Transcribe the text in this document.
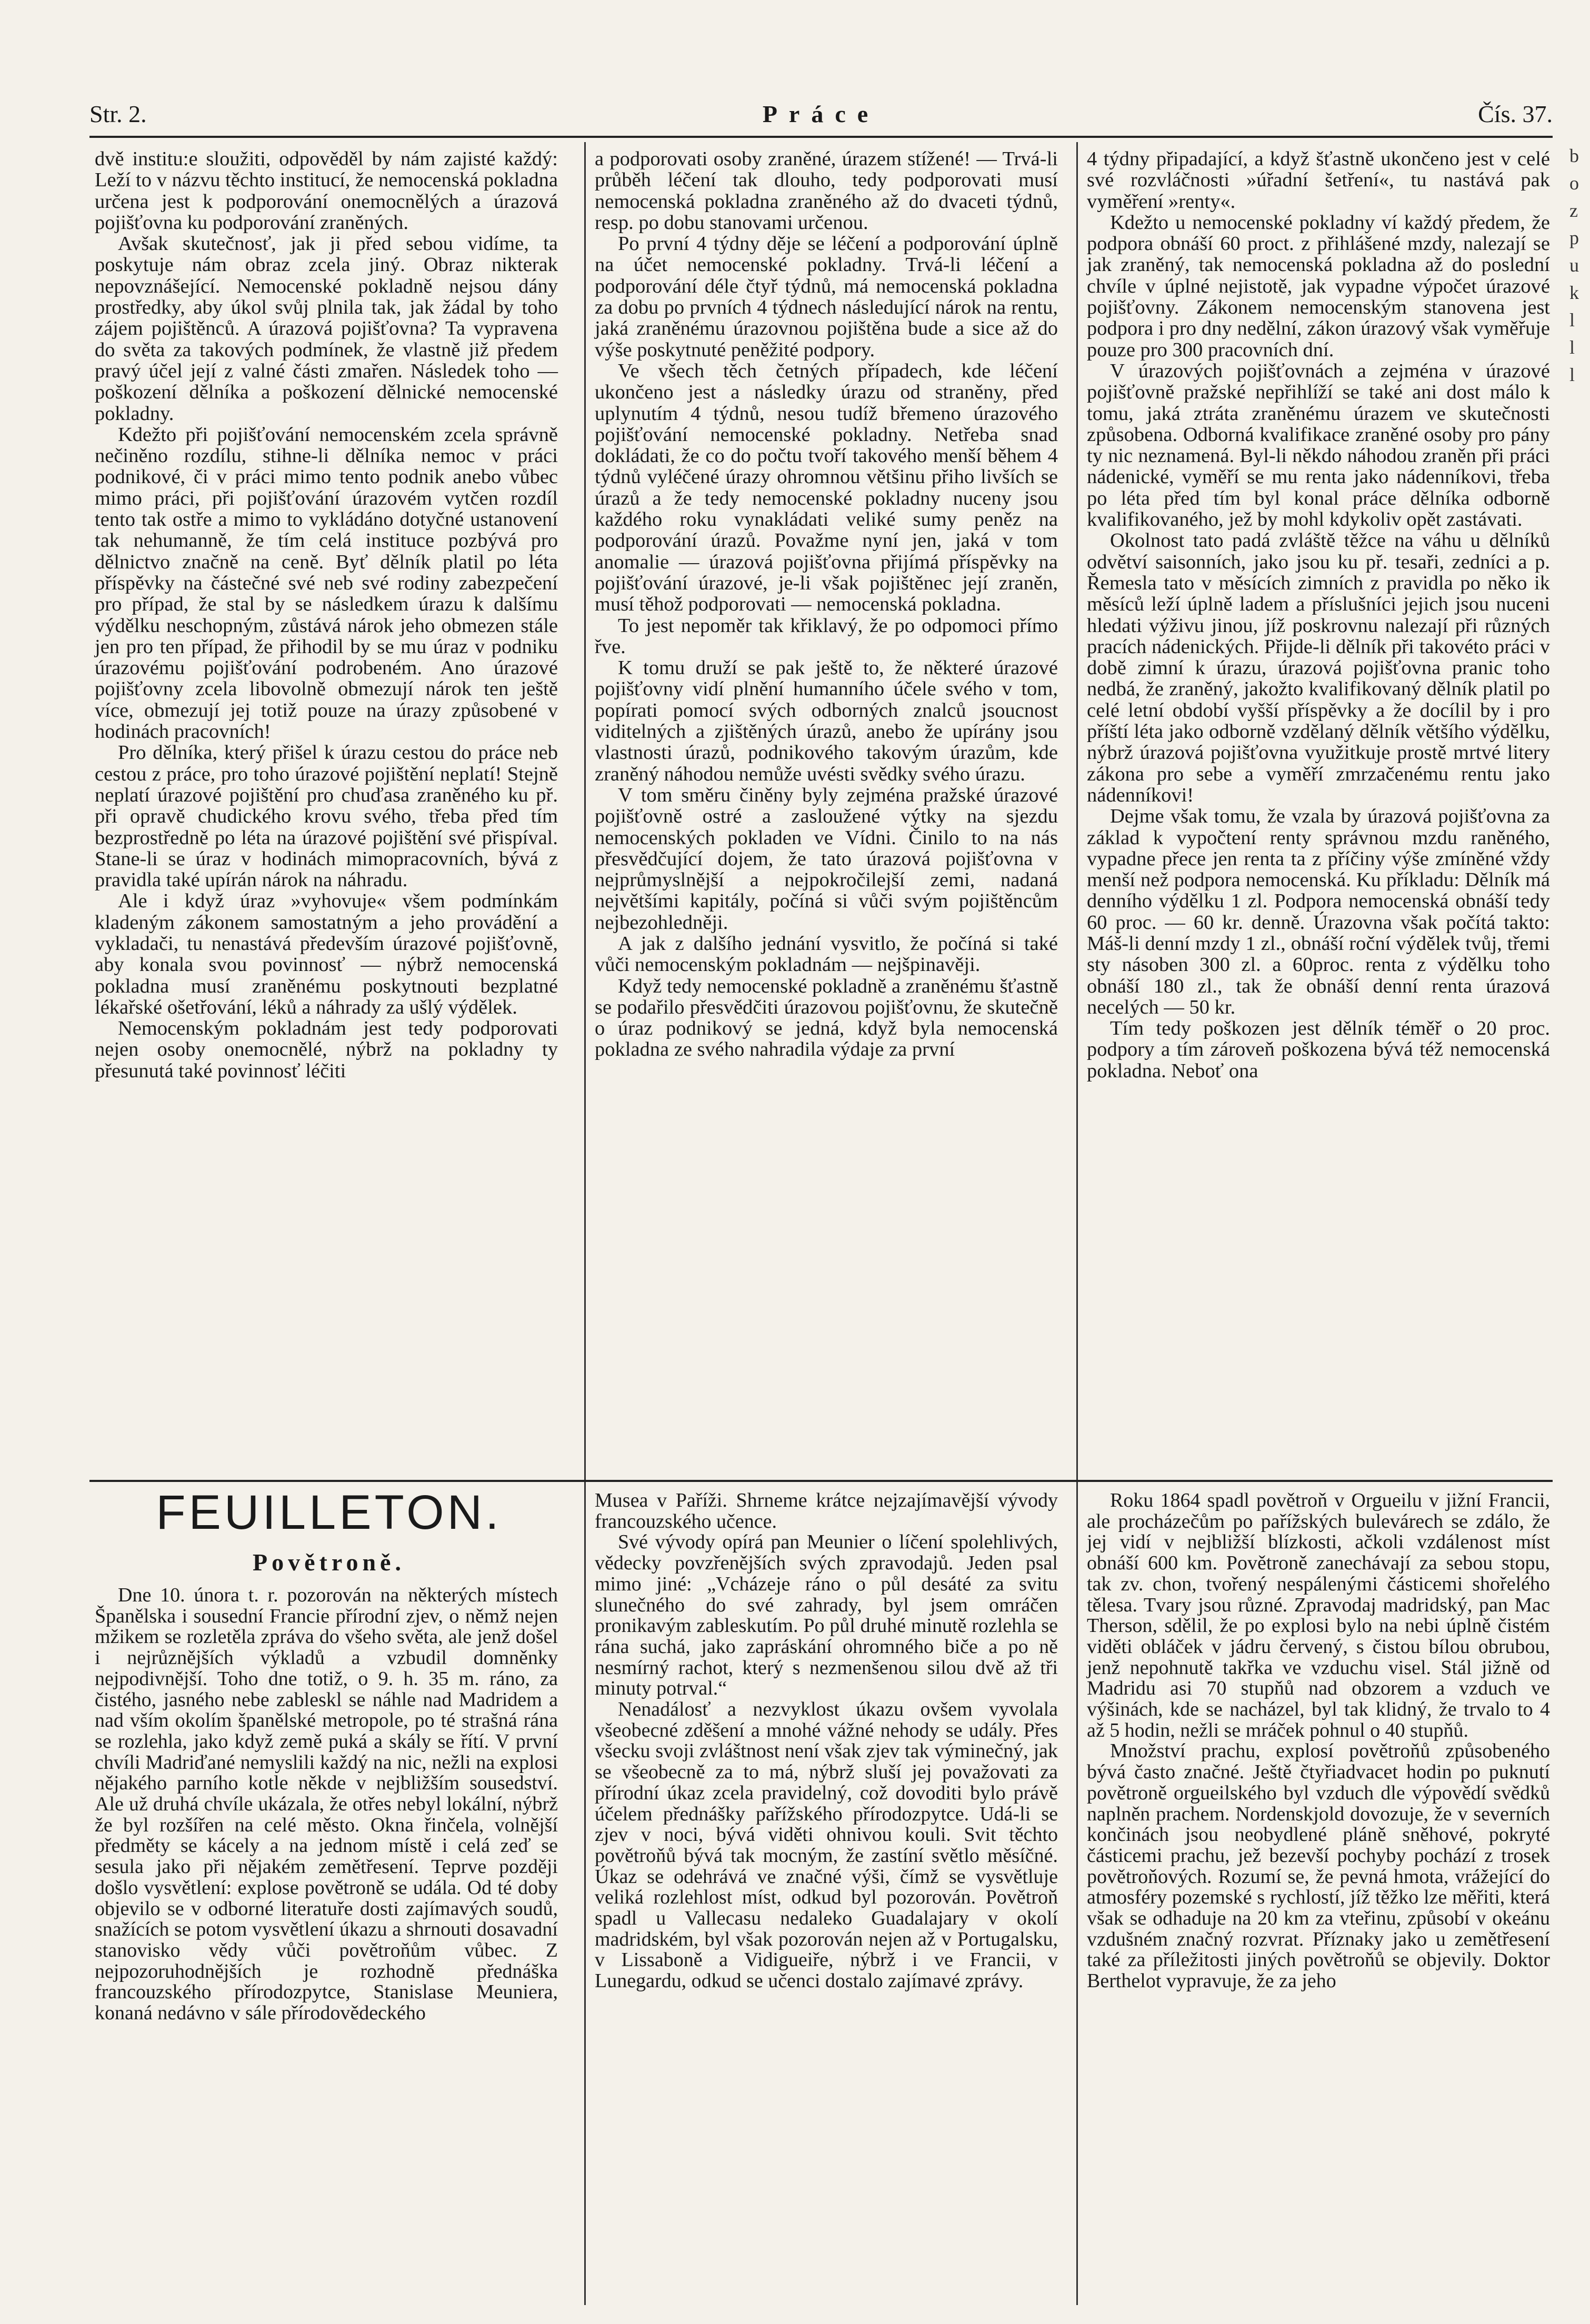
Str. 2.	Práce	Čís. 37.

dvě institu:e sloužiti, odpověděl by nám zajisté každý: Leží to v názvu těchto institucí, že nemocenská pokladna určena jest k podporování onemocnělých a úrazová pojišťovna ku podporování zraněných.

Avšak skutečnosť, jak ji před sebou vidíme, ta poskytuje nám obraz zcela jiný. Obraz nikterak nepovznášející. Nemocenské pokladně nejsou dány prostředky, aby úkol svůj plnila tak, jak žádal by toho zájem pojištěnců. A úrazová pojišťovna? Ta vypravena do světa za takových podmínek, že vlastně již předem pravý účel její z valné části zmařen. Následek toho — poškození dělníka a poškození dělnické nemocenské pokladny.

Kdežto při pojišťování nemocenském zcela správně nečiněno rozdílu, stihne-li dělníka nemoc v práci podnikové, či v práci mimo tento podnik anebo vůbec mimo práci, při pojišťování úrazovém vytčen rozdíl tento tak ostře a mimo to vykládáno dotyčné ustanovení tak nehumanně, že tím celá instituce pozbývá pro dělnictvo značně na ceně. Byť dělník platil po léta příspěvky na částečné své neb své rodiny zabezpečení pro případ, že stal by se následkem úrazu k dalšímu výdělku neschopným, zůstává nárok jeho obmezen stále jen pro ten případ, že přihodil by se mu úraz v podniku úrazovému pojišťování podrobeném. Ano úrazové pojišťovny zcela libovolně obmezují nárok ten ještě více, obmezují jej totiž pouze na úrazy způsobené v hodinách pracovních!

Pro dělníka, který přišel k úrazu cestou do práce neb cestou z práce, pro toho úrazové pojištění neplatí! Stejně neplatí úrazové pojištění pro chuďasa zraněného ku př. při opravě chudického krovu svého, třeba před tím bezprostředně po léta na úrazové pojištění své přispíval. Stane-li se úraz v hodinách mimopracovních, bývá z pravidla také upírán nárok na náhradu.

Ale i když úraz »vyhovuje« všem podmínkám kladeným zákonem samostatným a jeho provádění a vykladači, tu nenastává především úrazové pojišťovně, aby konala svou povinnosť — nýbrž nemocenská pokladna musí zraněnému poskytnouti bezplatné lékařské ošetřování, léků a náhrady za ušlý výdělek.

Nemocenským pokladnám jest tedy podporovati nejen osoby onemocnělé, nýbrž na pokladny ty přesunutá také povinnosť léčiti

a podporovati osoby zraněné, úrazem stížené! — Trvá-li průběh léčení tak dlouho, tedy podporovati musí nemocenská pokladna zraněného až do dvaceti týdnů, resp. po dobu stanovami určenou.

Po první 4 týdny děje se léčení a podporování úplně na účet nemocenské pokladny. Trvá-li léčení a podporování déle čtyř týdnů, má nemocenská pokladna za dobu po prvních 4 týdnech následující nárok na rentu, jaká zraněnému úrazovnou pojištěna bude a sice až do výše poskytnuté peněžité podpory.

Ve všech těch četných případech, kde léčení ukončeno jest a následky úrazu od straněny, před uplynutím 4 týdnů, nesou tudíž břemeno úrazového pojišťování nemocenské pokladny. Netřeba snad dokládati, že co do počtu tvoří takového menší během 4 týdnů vyléčené úrazy ohromnou většinu přiho livších se úrazů a že tedy nemocenské pokladny nuceny jsou každého roku vynakládati veliké sumy peněz na podporování úrazů. Považme nyní jen, jaká v tom anomalie — úrazová pojišťovna přijímá příspěvky na pojišťování úrazové, je-li však pojištěnec její zraněn, musí těhož podporovati — nemocenská pokladna.

To jest nepoměr tak křiklavý, že po odpomoci přímo řve.

K tomu druží se pak ještě to, že některé úrazové pojišťovny vidí plnění humanního účele svého v tom, popírati pomocí svých odborných znalců jsoucnost viditelných a zjištěných úrazů, anebo že upírány jsou vlastnosti úrazů, podnikového takovým úrazům, kde zraněný náhodou nemůže uvésti svědky svého úrazu.

V tom směru činěny byly zejména pražské úrazové pojišťovně ostré a zasloužené výtky na sjezdu nemocenských pokladen ve Vídni. Činilo to na nás přesvědčující dojem, že tato úrazová pojišťovna v nejprůmyslnější a nejpokročilejší zemi, nadaná největšími kapitály, počíná si vůči svým pojištěncům nejbezohledněji.

A jak z dalšího jednání vysvitlo, že počíná si také vůči nemocenským pokladnám — nejšpinavěji.

Když tedy nemocenské pokladně a zraněnému šťastně se podařilo přesvědčiti úrazovou pojišťovnu, že skutečně o úraz podnikový se jedná, když byla nemocenská pokladna ze svého nahradila výdaje za první

4 týdny připadající, a když šťastně ukončeno jest v celé své rozvláčnosti »úřadní šetření«, tu nastává pak vyměření »renty«.

Kdežto u nemocenské pokladny ví každý předem, že podpora obnáší 60 proct. z přihlášené mzdy, nalezají se jak zraněný, tak nemocenská pokladna až do poslední chvíle v úplné nejistotě, jak vypadne výpočet úrazové pojišťovny. Zákonem nemocenským stanovena jest podpora i pro dny nedělní, zákon úrazový však vyměřuje pouze pro 300 pracovních dní.

V úrazových pojišťovnách a zejména v úrazové pojišťovně pražské nepřihlíží se také ani dost málo k tomu, jaká ztráta zraněnému úrazem ve skutečnosti způsobena. Odborná kvalifikace zraněné osoby pro pány ty nic neznamená. Byl-li někdo náhodou zraněn při práci nádenické, vyměří se mu renta jako nádenníkovi, třeba po léta před tím byl konal práce dělníka odborně kvalifikovaného, jež by mohl kdykoliv opět zastávati.

Okolnost tato padá zvláště těžce na váhu u dělníků odvětví saisonních, jako jsou ku př. tesaři, zedníci a p. Řemesla tato v měsících zimních z pravidla po něko ik měsíců leží úplně ladem a příslušníci jejich jsou nuceni hledati výživu jinou, jíž poskrovnu nalezají při různých pracích nádenických. Přijde-li dělník při takovéto práci v době zimní k úrazu, úrazová pojišťovna pranic toho nedbá, že zraněný, jakožto kvalifikovaný dělník platil po celé letní období vyšší příspěvky a že docílil by i pro příští léta jako odborně vzdělaný dělník většího výdělku, nýbrž úrazová pojišťovna využitkuje prostě mrtvé litery zákona pro sebe a vyměří zmrzačenému rentu jako nádenníkovi!

Dejme však tomu, že vzala by úrazová pojišťovna za základ k vypočtení renty správnou mzdu raněného, vypadne přece jen renta ta z příčiny výše zmíněné vždy menší než podpora nemocenská. Ku příkladu: Dělník má denního výdělku 1 zl. Podpora nemocenská obnáší tedy 60 proc. — 60 kr. denně. Úrazovna však počítá takto: Máš-li denní mzdy 1 zl., obnáší roční výdělek tvůj, třemi sty násoben 300 zl. a 60proc. renta z výdělku toho obnáší 180 zl., tak že obnáší denní renta úrazová necelých — 50 kr.

Tím tedy poškozen jest dělník téměř o 20 proc. podpory a tím zároveň poškozena bývá též nemocenská pokladna. Neboť ona

FEUILLETON.
Povětroně.

Dne 10. února t. r. pozorován na některých místech Španělska i sousední Francie přírodní zjev, o němž nejen mžikem se rozletěla zpráva do všeho světa, ale jenž došel i nejrůznějších výkladů a vzbudil domněnky nejpodivnější. Toho dne totiž, o 9. h. 35 m. ráno, za čistého, jasného nebe zableskl se náhle nad Madridem a nad vším okolím španělské metropole, po té strašná rána se rozlehla, jako když země puká a skály se řítí. V první chvíli Madriďané nemyslili každý na nic, nežli na explosi nějakého parního kotle někde v nejbližším sousedství. Ale už druhá chvíle ukázala, že otřes nebyl lokální, nýbrž že byl rozšířen na celé město. Okna řinčela, volnější předměty se kácely a na jednom místě i celá zeď se sesula jako při nějakém zemětřesení. Teprve později došlo vysvětlení: explose povětroně se udála. Od té doby objevilo se v odborné literatuře dosti zajímavých soudů, snažících se potom vysvětlení úkazu a shrnouti dosavadní stanovisko vědy vůči povětroňům vůbec. Z nejpozoruhodnějších je rozhodně přednáška francouzského přírodozpytce, Stanislase Meuniera, konaná nedávno v sále přírodovědeckého

Musea v Paříži. Shrneme krátce nejzajímavější vývody francouzského učence.

Své vývody opírá pan Meunier o líčení spolehlivých, vědecky povzřenějších svých zpravodajů. Jeden psal mimo jiné: „Vcházeje ráno o půl desáté za svitu slunečného do své zahrady, byl jsem omráčen pronikavým zableskutím. Po půl druhé minutě rozlehla se rána suchá, jako zapráskání ohromného biče a po ně nesmírný rachot, který s nezmenšenou silou dvě až tři minuty potrval.“

Nenadálosť a nezvyklost úkazu ovšem vyvolala všeobecné zděšení a mnohé vážné nehody se udály. Přes všecku svoji zvláštnost není však zjev tak výminečný, jak se všeobecně za to má, nýbrž sluší jej považovati za přírodní úkaz zcela pravidelný, což dovoditi bylo právě účelem přednášky pařížského přírodozpytce. Udá-li se zjev v noci, bývá viděti ohnivou kouli. Svit těchto povětroňů bývá tak mocným, že zastíní světlo měsíčné. Úkaz se odehrává ve značné výši, čímž se vysvětluje veliká rozlehlost míst, odkud byl pozorován. Povětroň spadl u Vallecasu nedaleko Guadalajary v okolí madridském, byl však pozorován nejen až v Portugalsku, v Lissaboně a Vidigueiře, nýbrž i ve Francii, v Lunegardu, odkud se učenci dostalo zajímavé zprávy.

Roku 1864 spadl povětroň v Orgueilu v jižní Francii, ale procházečům po pařížských bulevárech se zdálo, že jej vidí v nejbližší blízkosti, ačkoli vzdálenost míst obnáší 600 km. Povětroně zanechávají za sebou stopu, tak zv. chon, tvořený nespálenými částicemi shořelého tělesa. Tvary jsou různé. Zpravodaj madridský, pan Mac Therson, sdělil, že po explosi bylo na nebi úplně čistém viděti obláček v jádru červený, s čistou bílou obrubou, jenž nepohnutě takřka ve vzduchu visel. Stál jižně od Madridu asi 70 stupňů nad obzorem a vzduch ve výšinách, kde se nacházel, byl tak klidný, že trvalo to 4 až 5 hodin, nežli se mráček pohnul o 40 stupňů.

Množství prachu, explosí povětroňů způsobeného bývá často značné. Ještě čtyřiadvacet hodin po puknutí povětroně orgueilského byl vzduch dle výpovědí svědků naplněn prachem. Nordenskjold dovozuje, že v severních končinách jsou neobydlené pláně sněhové, pokryté částicemi prachu, jež bezevší pochyby pochází z trosek povětroňových. Rozumí se, že pevná hmota, vrážející do atmosféry pozemské s rychlostí, jíž těžko lze měřiti, která však se odhaduje na 20 km za vteřinu, způsobí v okeánu vzdušném značný rozvrat. Příznaky jako u zemětřesení také za příležitosti jiných povětroňů se objevily. Doktor Berthelot vypravuje, že za jeho

b
o
z
p
u
k
l
l
l
